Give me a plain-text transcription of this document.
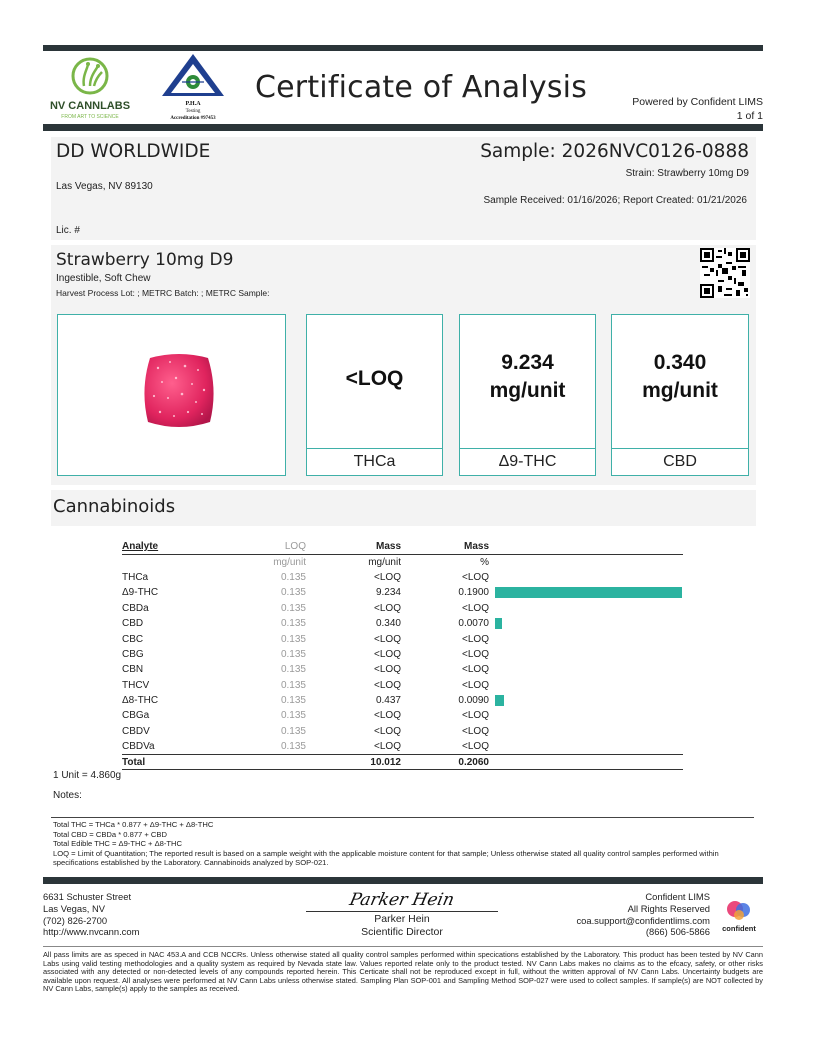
NV CANNLABS
FROM ART TO SCIENCE
P.H.A
Testing
Accreditation #97453
Certificate of Analysis	Powered by Confident LIMS
1 of 1
DD WORLDWIDE
Las Vegas, NV 89130
Lic. #
Sample: 2026NVC0126-0888
Strain: Strawberry 10mg D9
Sample Received: 01/16/2026; Report Created: 01/21/2026
Strawberry 10mg D9
Ingestible, Soft Chew
Harvest Process Lot: ; METRC Batch: ; METRC Sample:
<LOQ
THCa
9.234
mg/unit
Δ9-THC
0.340
mg/unit
CBD
Cannabinoids
Analyte	LOQ	Mass	Mass	
	mg/unit	mg/unit	%	
THCa	0.135	<LOQ	<LOQ	
Δ9-THC	0.135	9.234	0.1900	

CBDa	0.135	<LOQ	<LOQ	
CBD	0.135	0.340	0.0070	

CBC	0.135	<LOQ	<LOQ	
CBG	0.135	<LOQ	<LOQ	
CBN	0.135	<LOQ	<LOQ	
THCV	0.135	<LOQ	<LOQ	
Δ8-THC	0.135	0.437	0.0090	

CBGa	0.135	<LOQ	<LOQ	
CBDV	0.135	<LOQ	<LOQ	
CBDVa	0.135	<LOQ	<LOQ	
Total		10.012	0.2060	
1 Unit = 4.860g
Notes:
Total THC = THCa * 0.877 + Δ9-THC + Δ8-THC
Total CBD = CBDa * 0.877 + CBD
Total Edible THC = Δ9-THC + Δ8-THC
LOQ = Limit of Quantitation; The reported result is based on a sample weight with the applicable moisture content for that sample; Unless otherwise stated all quality control samples performed within specifications established by the Laboratory. Cannabinoids analyzed by SOP-021.
6631 Schuster Street
Las Vegas, NV
(702) 826-2700
http://www.nvcann.com
Parker Hein
Parker Hein
Scientific Director
Confident LIMS
All Rights Reserved
coa.support@confidentlims.com
(866) 506-5866 confident
All pass limits are as speced in NAC 453.A and CCB NCCRs. Unless otherwise stated all quality control samples performed within specications established by the Laboratory. This product has been tested by NV Cann Labs using valid testing methodologies and a quality system as required by Nevada state law. Values reported relate only to the product tested. NV Cann Labs makes no claims as to the efcacy, safety, or other risks associated with any detected or non-detected levels of any compounds reported herein. This Certicate shall not be reproduced except in full, without the written approval of NV Cann Labs. Uncertainty budgets are available upon request. All analyses were performed at NV Cann Labs unless otherwise stated. Sampling Plan SOP-001 and Sampling Method SOP-027 were used to collect samples. If sample(s) are NOT collected by NV Cann Labs, sample(s) apply to the samples as received.
